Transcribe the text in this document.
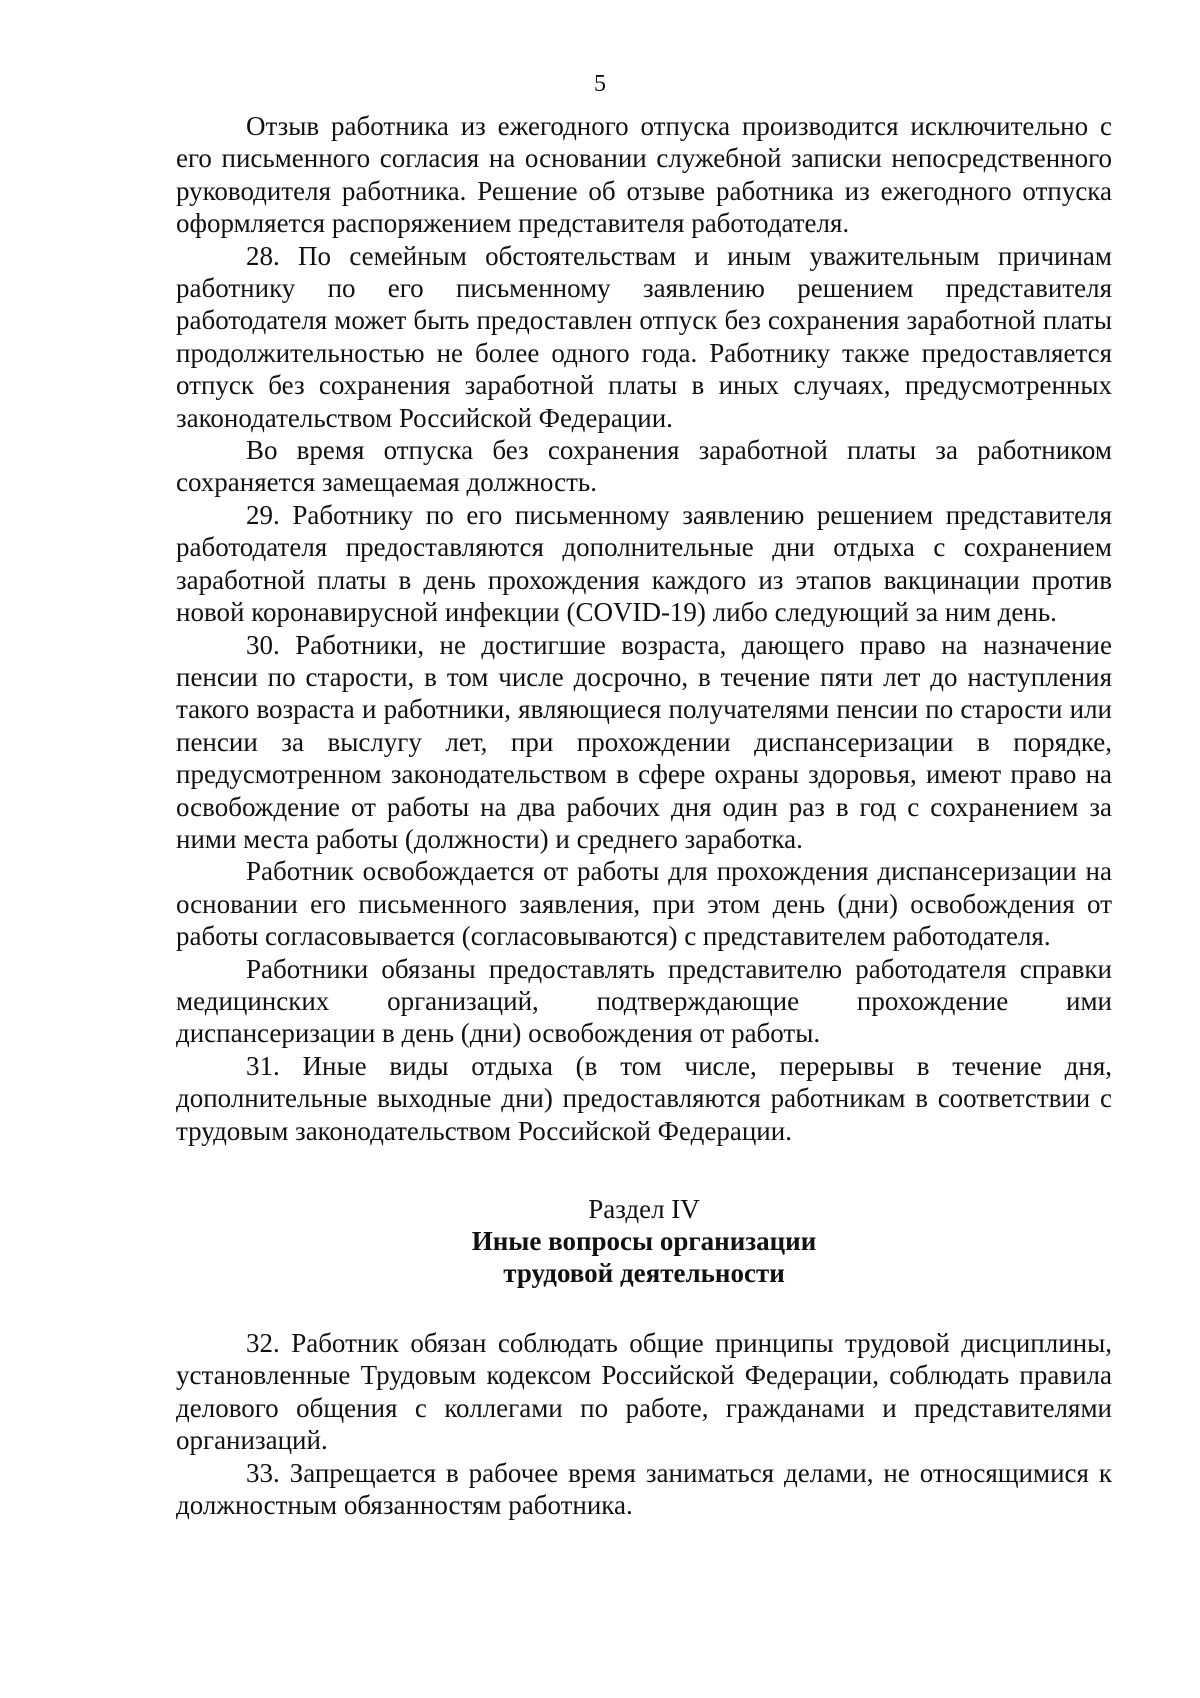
5

Отзыв работника из ежегодного отпуска производится исключительно с его письменного согласия на основании служебной записки непосредственного руководителя работника. Решение об отзыве работника из ежегодного отпуска оформляется распоряжением представителя работодателя.

28. По семейным обстоятельствам и иным уважительным причинам работнику по его письменному заявлению решением представителя работодателя может быть предоставлен отпуск без сохранения заработной платы продолжительностью не более одного года. Работнику также предоставляется отпуск без сохранения заработной платы в иных случаях, предусмотренных законодательством Российской Федерации.

Во время отпуска без сохранения заработной платы за работником сохраняется замещаемая должность.

29. Работнику по его письменному заявлению решением представителя работодателя предоставляются дополнительные дни отдыха с сохранением заработной платы в день прохождения каждого из этапов вакцинации против новой коронавирусной инфекции (COVID-19) либо следующий за ним день.

30. Работники, не достигшие возраста, дающего право на назначение пенсии по старости, в том числе досрочно, в течение пяти лет до наступления такого возраста и работники, являющиеся получателями пенсии по старости или пенсии за выслугу лет, при прохождении диспансеризации в порядке, предусмотренном законодательством в сфере охраны здоровья, имеют право на освобождение от работы на два рабочих дня один раз в год с сохранением за ними места работы (должности) и среднего заработка.

Работник освобождается от работы для прохождения диспансеризации на основании его письменного заявления, при этом день (дни) освобождения от работы согласовывается (согласовываются) с представителем работодателя.

Работники обязаны предоставлять представителю работодателя справки медицинских организаций, подтверждающие прохождение ими диспансеризации в день (дни) освобождения от работы.

31. Иные виды отдыха (в том числе, перерывы в течение дня, дополнительные выходные дни) предоставляются работникам в соответствии с трудовым законодательством Российской Федерации.

Раздел IV
Иные вопросы организации
трудовой деятельности

32. Работник обязан соблюдать общие принципы трудовой дисциплины, установленные Трудовым кодексом Российской Федерации, соблюдать правила делового общения с коллегами по работе, гражданами и представителями организаций.

33. Запрещается в рабочее время заниматься делами, не относящимися к должностным обязанностям работника.
